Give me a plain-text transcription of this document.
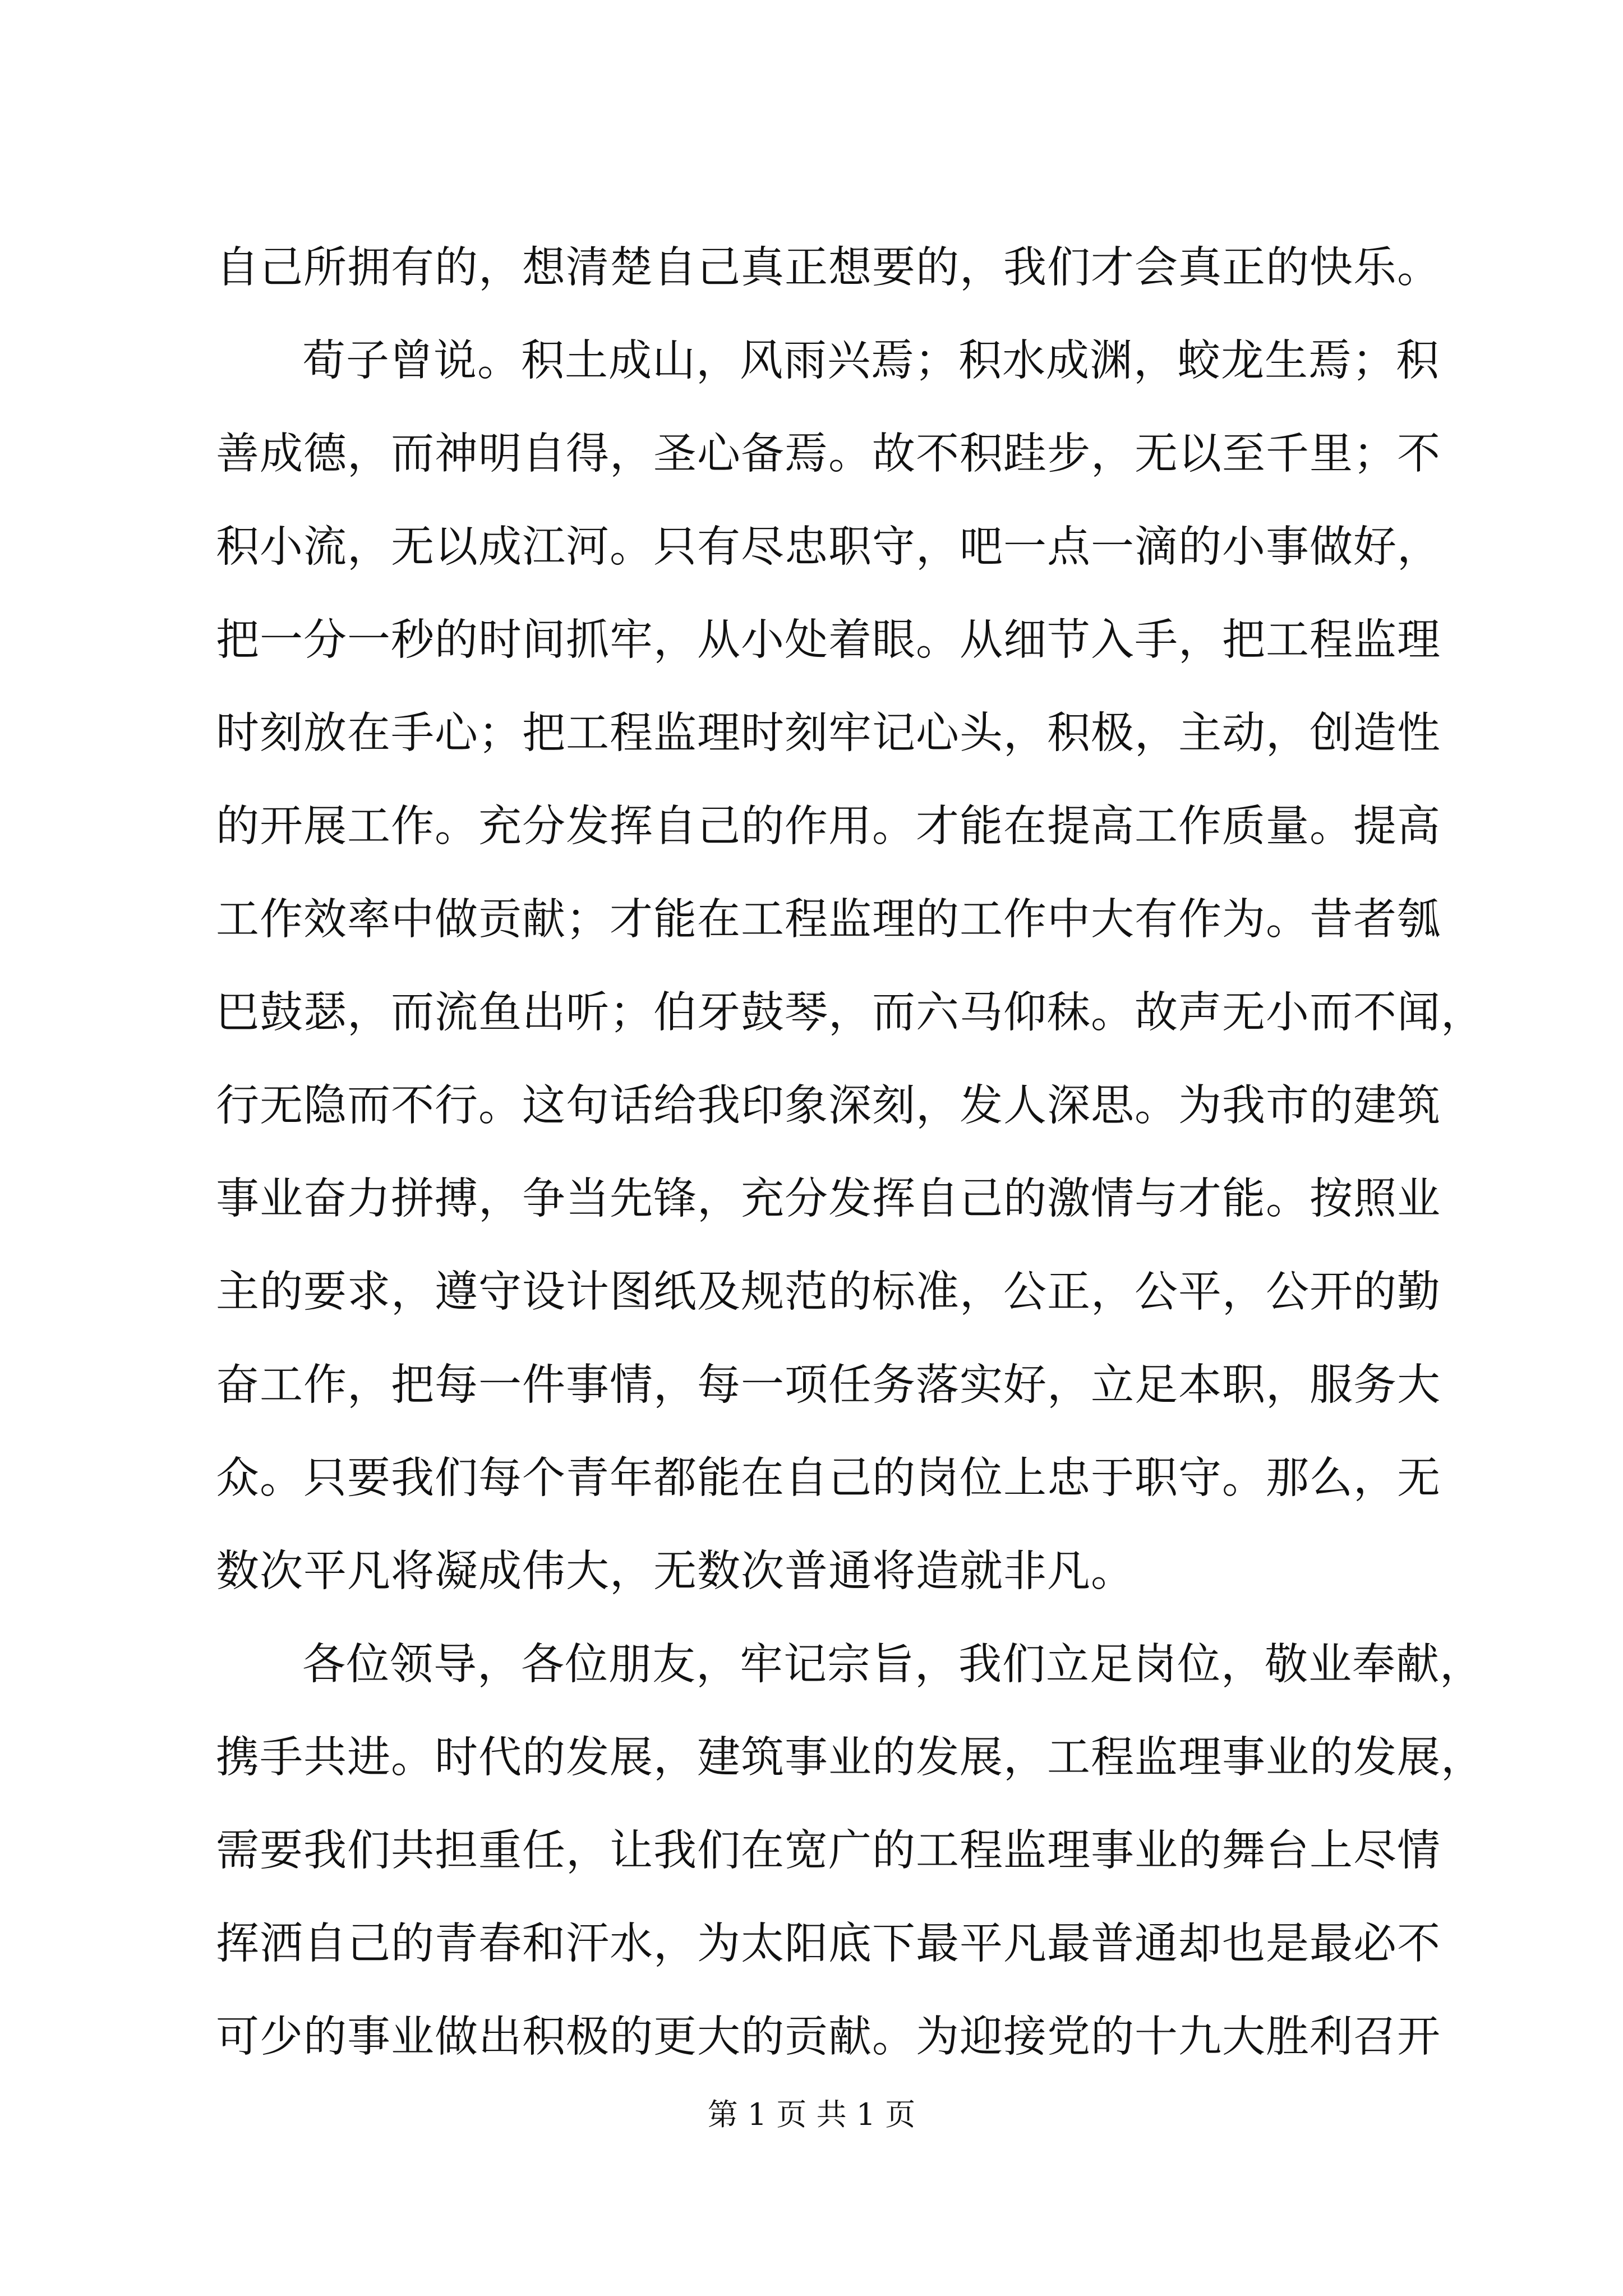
自己所拥有的，想清楚自己真正想要的，我们才会真正的快乐。
荀子曾说。积土成山，风雨兴焉；积水成渊，蛟龙生焉；积
善成德，而神明自得，圣心备焉。故不积跬步，无以至千里；不
积小流，无以成江河。只有尽忠职守，吧一点一滴的小事做好，
把一分一秒的时间抓牢，从小处着眼。从细节入手，把工程监理
时刻放在手心；把工程监理时刻牢记心头，积极，主动，创造性
的开展工作。充分发挥自己的作用。才能在提高工作质量。提高
工作效率中做贡献；才能在工程监理的工作中大有作为。昔者瓠
巴鼓瑟，而流鱼出听；伯牙鼓琴，而六马仰秣。故声无小而不闻，
行无隐而不行。这句话给我印象深刻，发人深思。为我市的建筑
事业奋力拼搏，争当先锋，充分发挥自己的激情与才能。按照业
主的要求，遵守设计图纸及规范的标准，公正，公平，公开的勤
奋工作，把每一件事情，每一项任务落实好，立足本职，服务大
众。只要我们每个青年都能在自己的岗位上忠于职守。那么，无
数次平凡将凝成伟大，无数次普通将造就非凡。
各位领导，各位朋友，牢记宗旨，我们立足岗位，敬业奉献，
携手共进。时代的发展，建筑事业的发展，工程监理事业的发展，
需要我们共担重任，让我们在宽广的工程监理事业的舞台上尽情
挥洒自己的青春和汗水，为太阳底下最平凡最普通却也是最必不
可少的事业做出积极的更大的贡献。为迎接党的十九大胜利召开
第 1 页 共 1 页
